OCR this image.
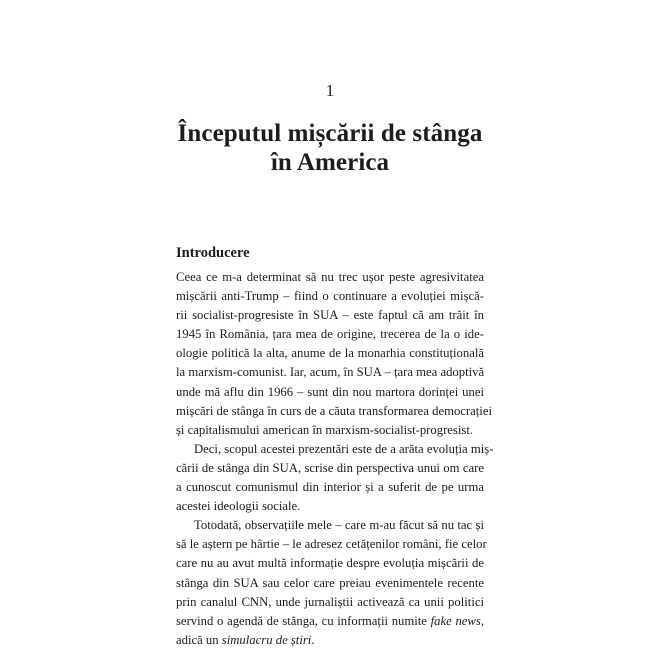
1
Începutul mișcării de stânga
în America
Introducere
Ceea ce m-a determinat să nu trec ușor peste agresivitatea
mișcării anti-Trump – fiind o continuare a evoluției mișcă-
rii socialist-progresiste în SUA – este faptul că am trăit în
1945 în România, țara mea de origine, trecerea de la o ide-
ologie politică la alta, anume de la monarhia constituțională
la marxism-comunist. Iar, acum, în SUA – țara mea adoptivă
unde mă aflu din 1966 – sunt din nou martora dorinței unei
mișcări de stânga în curs de a căuta transformarea democrației
și capitalismului american în marxism-socialist-progresist.
Deci, scopul acestei prezentări este de a arăta evoluția miș-
cării de stânga din SUA, scrise din perspectiva unui om care
a cunoscut comunismul din interior și a suferit de pe urma
acestei ideologii sociale.
Totodată, observațiile mele – care m-au făcut să nu tac și
să le aștern pe hârtie – le adresez cetățenilor români, fie celor
care nu au avut multă informație despre evoluția mișcării de
stânga din SUA sau celor care preiau evenimentele recente
prin canalul CNN, unde jurnaliștii activează ca unii politici
servind o agendă de stânga, cu informații numite fake news,
adică un simulacru de știri.
